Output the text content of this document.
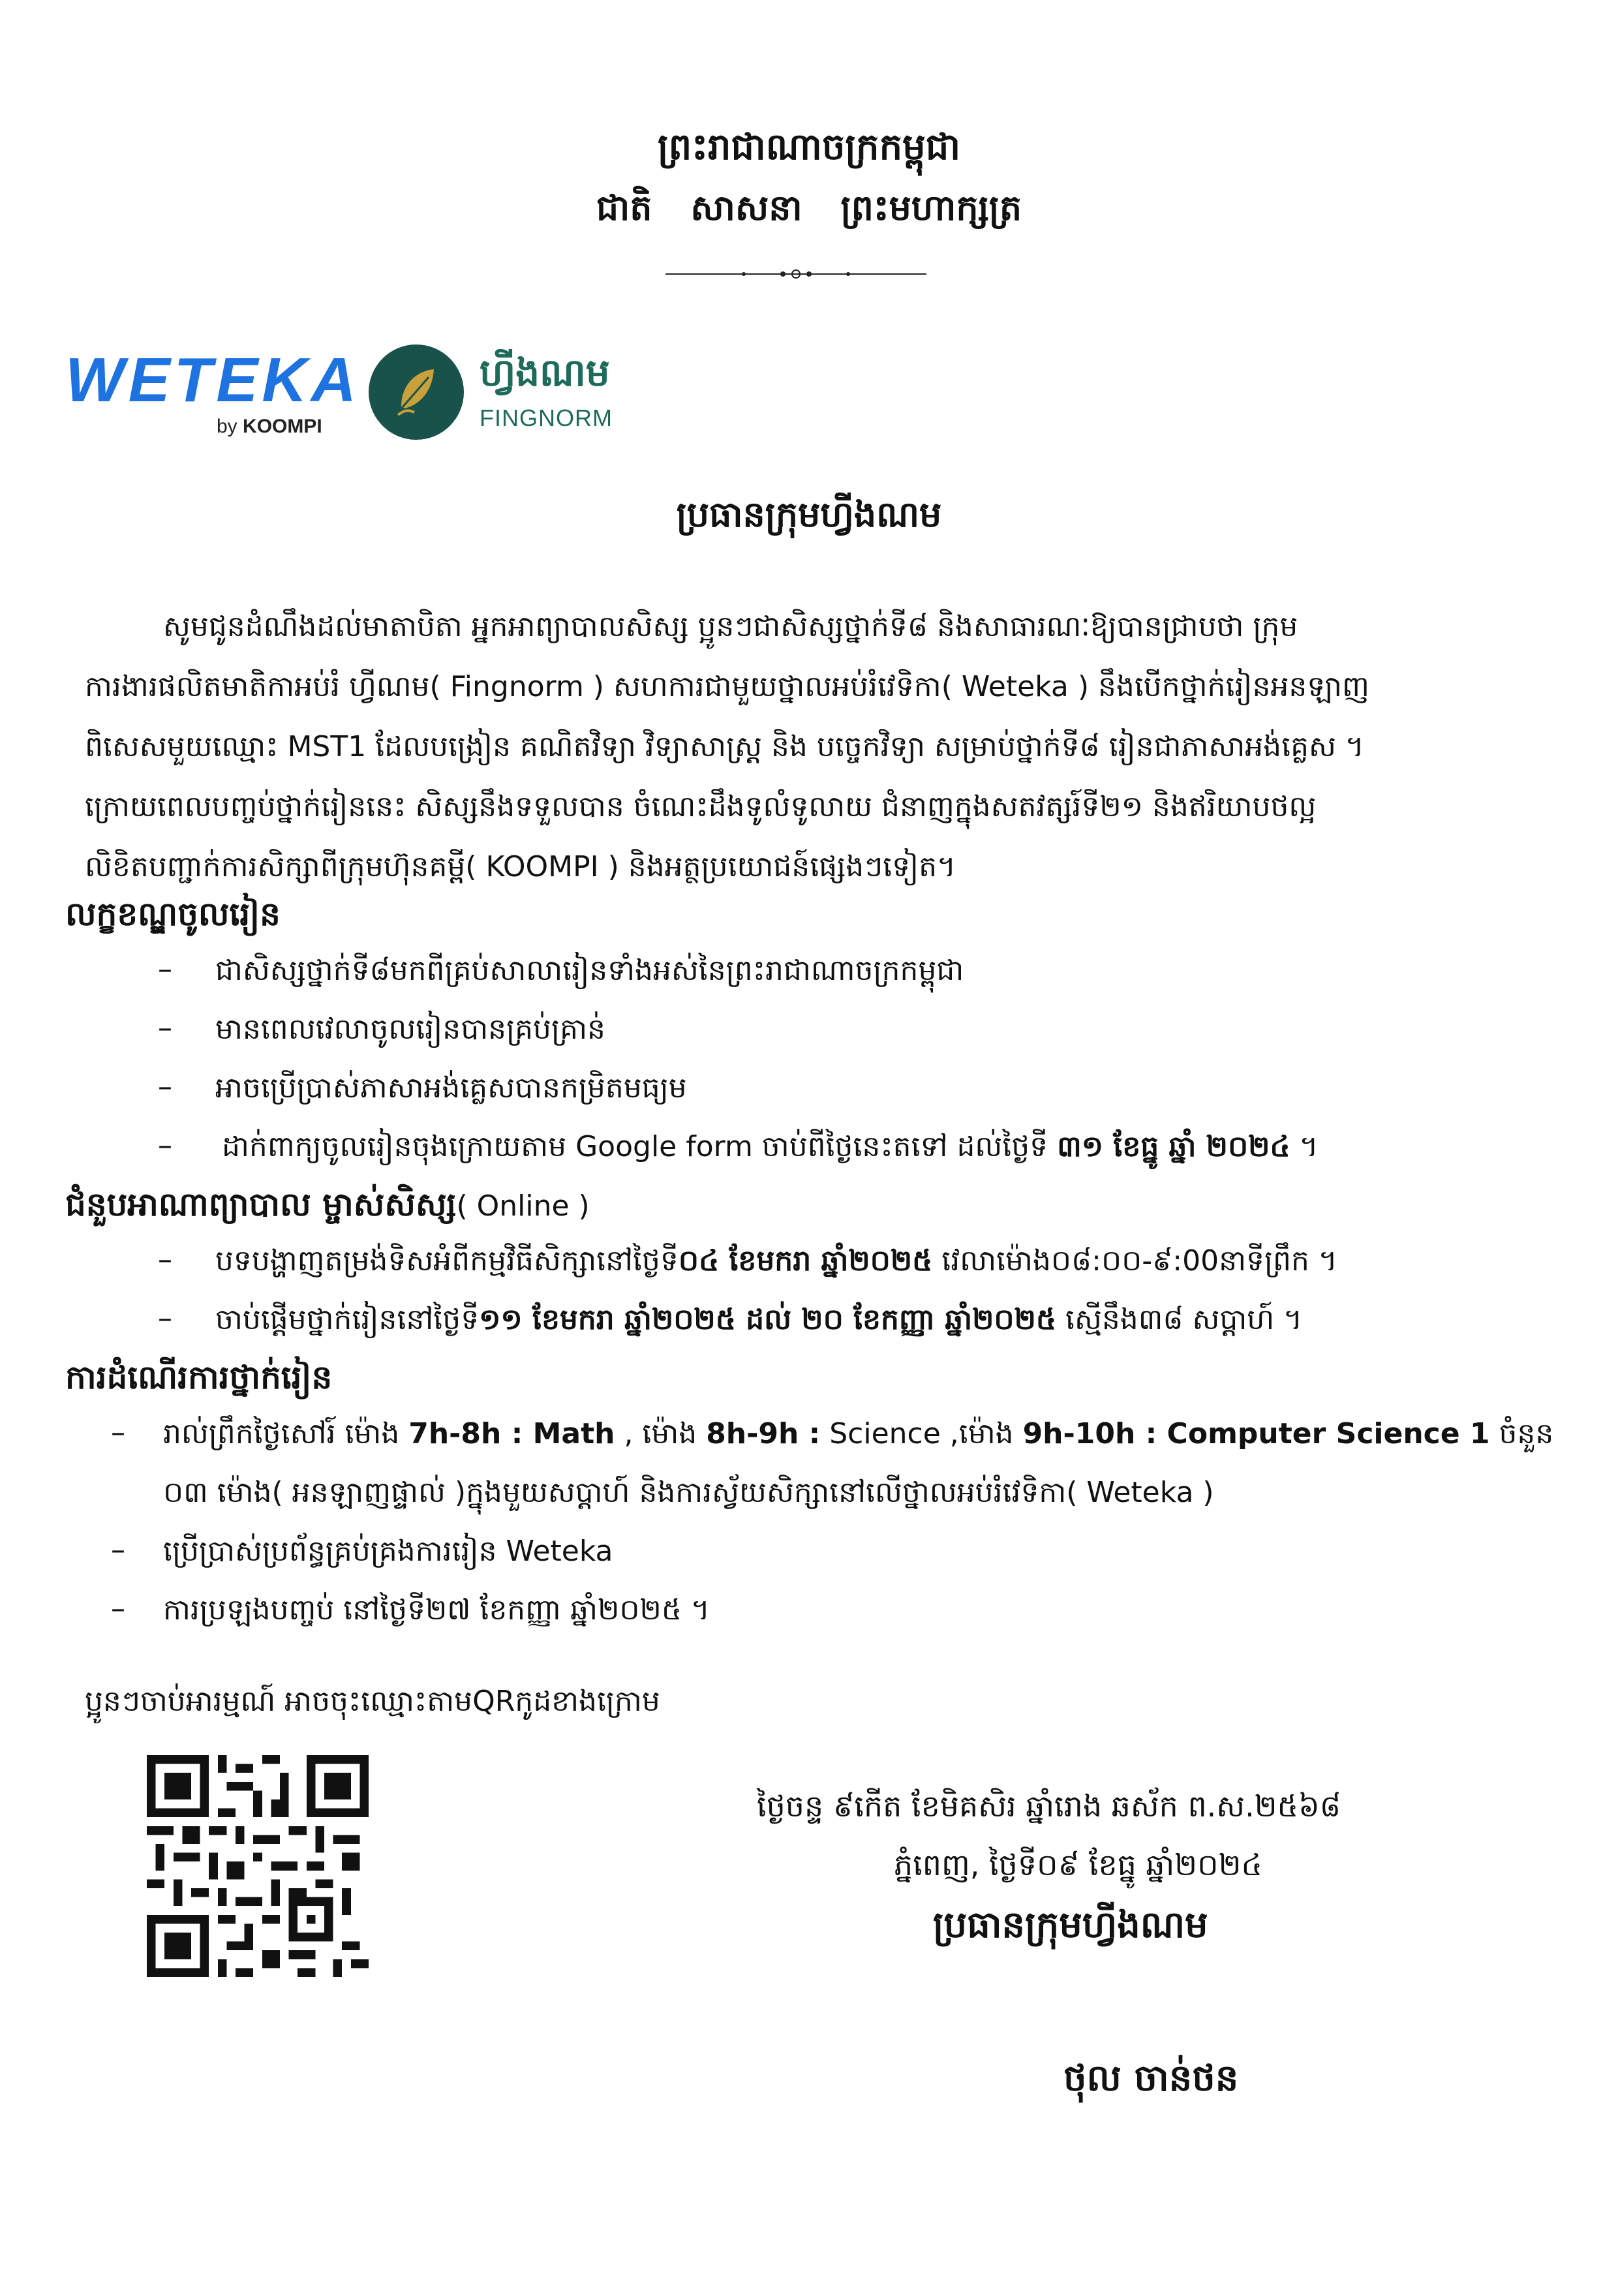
ព្រះរាជាណាចក្រកម្ពុជា
ជាតិ សាសនា ព្រះមហាក្សត្រ
WETEKA
by KOOMPI
ហ្វីងណម
FINGNORM
ប្រធានក្រុមហ្វីងណម

សូមជូនដំណឹងដល់មាតាបិតា អ្នកអាព្យាបាលសិស្ស ប្អូនៗជាសិស្សថ្នាក់ទី៨ និងសាធារណៈឱ្យបានជ្រាបថា ក្រុម

ការងារផលិតមាតិកាអប់រំ ហ្វីណម( Fingnorm ) សហការជាមួយថ្នាលអប់រំវេទិកា( Weteka ) នឹងបើកថ្នាក់រៀនអនឡាញ

ពិសេសមួយឈ្មោះ MST1 ដែលបង្រៀន គណិតវិទ្យា វិទ្យាសាស្ត្រ និង បច្ចេកវិទ្យា សម្រាប់ថ្នាក់ទី៨ រៀនជាភាសាអង់គ្លេស ។

ក្រោយពេលបញ្ចប់ថ្នាក់រៀននេះ សិស្សនឹងទទួលបាន ចំណេះដឹងទូលំទូលាយ ជំនាញក្នុងសតវត្សរ៍ទី២១ និងឥរិយាបថល្អ

លិខិតបញ្ជាក់ការសិក្សាពីក្រុមហ៊ុនគម្ពី( KOOMPI ) និងអត្ថប្រយោជន៍ផ្សេងៗទៀត។

លក្ខខណ្ឌចូលរៀន
– ជាសិស្សថ្នាក់ទី៨មកពីគ្រប់សាលារៀនទាំងអស់នៃព្រះរាជាណាចក្រកម្ពុជា
– មានពេលវេលាចូលរៀនបានគ្រប់គ្រាន់
– អាចប្រើប្រាស់ភាសាអង់គ្លេសបានកម្រិតមធ្យម
– ដាក់ពាក្យចូលរៀនចុងក្រោយតាម Google form ចាប់ពីថ្ងៃនេះតទៅ ដល់ថ្ងៃទី ៣១ ខែធ្នូ ឆ្នាំ ២០២៤ ។
ជំនួបអាណាព្យាបាល ម្ចាស់សិស្ស( Online )
– បទបង្ហាញតម្រង់ទិសអំពីកម្មវិធីសិក្សានៅថ្ងៃទី០៤ ខែមករា ឆ្នាំ២០២៥ វេលាម៉ោង០៨:០០-៩:00នាទីព្រឹក ។
– ចាប់ផ្តើមថ្នាក់រៀននៅថ្ងៃទី១១ ខែមករា ឆ្នាំ២០២៥ ដល់ ២០ ខែកញ្ញា ឆ្នាំ២០២៥ ស្មើនឹង៣៨ សប្តាហ៍ ។
ការដំណើរការថ្នាក់រៀន
– រាល់ព្រឹកថ្ងៃសៅរ៍ ម៉ោង 7h-8h : Math , ម៉ោង 8h-9h : Science ,ម៉ោង 9h-10h : Computer Science 1 ចំនួន
០៣ ម៉ោង( អនឡាញផ្ទាល់ )ក្នុងមួយសប្តាហ៍ និងការស្វ័យសិក្សានៅលើថ្នាលអប់រំវេទិកា( Weteka )
– ប្រើប្រាស់ប្រព័ន្ធគ្រប់គ្រងការរៀន Weteka
– ការប្រឡងបញ្ចប់ នៅថ្ងៃទី២៧ ខែកញ្ញា ឆ្នាំ២០២៥ ។
ប្អូនៗចាប់អារម្មណ៍ អាចចុះឈ្មោះតាមQRកូដខាងក្រោម
ថ្ងៃចន្ទ ៩កើត ខែមិគសិរ ឆ្នាំរោង ឆស័ក ព.ស.២៥៦៨
ភ្នំពេញ, ថ្ងៃទី០៩ ខែធ្នូ ឆ្នាំ២០២៤
ប្រធានក្រុមហ្វីងណម
ថុល ចាន់ថន
